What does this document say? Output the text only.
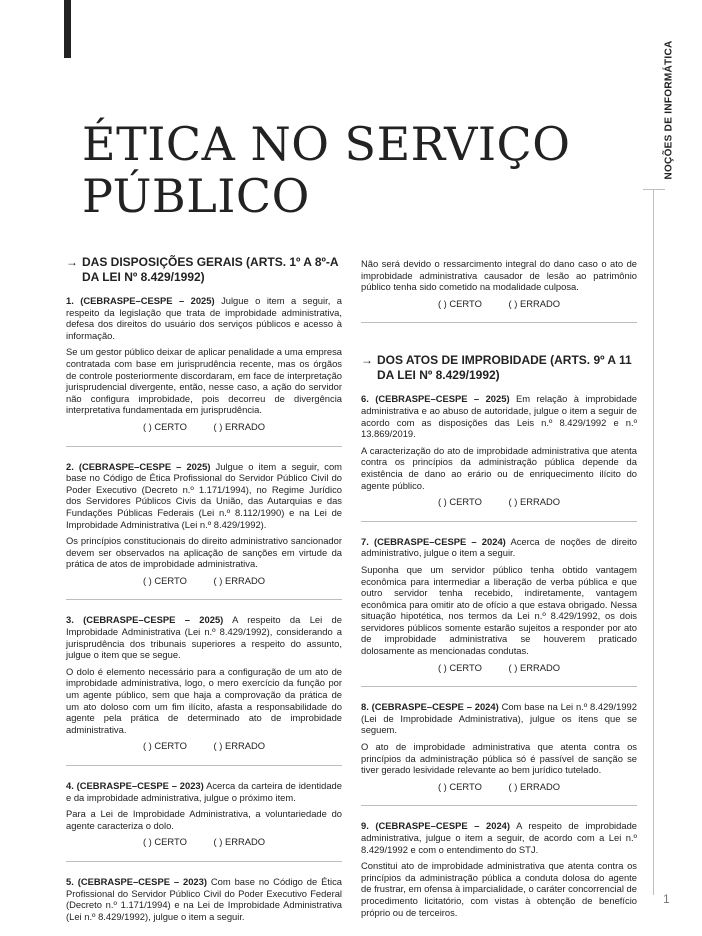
NOÇÕES DE INFORMÁTICA
1
ÉTICA NO SERVIÇO
PÚBLICO
→ DAS DISPOSIÇÕES GERAIS (ARTS. 1º A 8º-A DA LEI Nº 8.429/1992)

1. (CEBRASPE–CESPE – 2025) Julgue o item a seguir, a respeito da legislação que trata de improbidade administrativa, defesa dos direitos do usuário dos serviços públicos e acesso à informação.

Se um gestor público deixar de aplicar penalidade a uma empresa contratada com base em jurisprudência recente, mas os órgãos de controle posteriormente discordaram, em face de interpretação jurisprudencial divergente, então, nesse caso, a ação do servidor não configura improbidade, pois decorreu de divergência interpretativa fundamentada em jurisprudência.

( ) CERTO	( ) ERRADO

2. (CEBRASPE–CESPE – 2025) Julgue o item a seguir, com base no Código de Ética Profissional do Servidor Público Civil do Poder Executivo (Decreto n.º 1.171/1994), no Regime Jurídico dos Servidores Públicos Civis da União, das Autarquias e das Fundações Públicas Federais (Lei n.º 8.112/1990) e na Lei de Improbidade Administrativa (Lei n.º 8.429/1992).

Os princípios constitucionais do direito administrativo sancionador devem ser observados na aplicação de sanções em virtude da prática de atos de improbidade administrativa.

( ) CERTO	( ) ERRADO

3. (CEBRASPE–CESPE – 2025) A respeito da Lei de Improbidade Administrativa (Lei n.º 8.429/1992), considerando a jurisprudência dos tribunais superiores a respeito do assunto, julgue o item que se segue.

O dolo é elemento necessário para a configuração de um ato de improbidade administrativa, logo, o mero exercício da função por um agente público, sem que haja a comprovação da prática de um ato doloso com um fim ilícito, afasta a responsabilidade do agente pela prática de determinado ato de improbidade administrativa.

( ) CERTO	( ) ERRADO

4. (CEBRASPE–CESPE – 2023) Acerca da carteira de identidade e da improbidade administrativa, julgue o próximo item.

Para a Lei de Improbidade Administrativa, a voluntariedade do agente caracteriza o dolo.

( ) CERTO	( ) ERRADO

5. (CEBRASPE–CESPE – 2023) Com base no Código de Ética Profissional do Servidor Público Civil do Poder Executivo Federal (Decreto n.º 1.171/1994) e na Lei de Improbidade Administrativa (Lei n.º 8.429/1992), julgue o item a seguir.

Não será devido o ressarcimento integral do dano caso o ato de improbidade administrativa causador de lesão ao patrimônio público tenha sido cometido na modalidade culposa.

( ) CERTO	( ) ERRADO
→ DOS ATOS DE IMPROBIDADE (ARTS. 9º A 11 DA LEI Nº 8.429/1992)

6. (CEBRASPE–CESPE – 2025) Em relação à improbidade administrativa e ao abuso de autoridade, julgue o item a seguir de acordo com as disposições das Leis n.º 8.429/1992 e n.º 13.869/2019.

A caracterização do ato de improbidade administrativa que atenta contra os princípios da administração pública depende da existência de dano ao erário ou de enriquecimento ilícito do agente público.

( ) CERTO	( ) ERRADO

7. (CEBRASPE–CESPE – 2024) Acerca de noções de direito administrativo, julgue o item a seguir.

Suponha que um servidor público tenha obtido vantagem econômica para intermediar a liberação de verba pública e que outro servidor tenha recebido, indiretamente, vantagem econômica para omitir ato de ofício a que estava obrigado. Nessa situação hipotética, nos termos da Lei n.º 8.429/1992, os dois servidores públicos somente estarão sujeitos a responder por ato de improbidade administrativa se houverem praticado dolosamente as mencionadas condutas.

( ) CERTO	( ) ERRADO

8. (CEBRASPE–CESPE – 2024) Com base na Lei n.º 8.429/1992 (Lei de Improbidade Administrativa), julgue os itens que se seguem.

O ato de improbidade administrativa que atenta contra os princípios da administração pública só é passível de sanção se tiver gerado lesividade relevante ao bem jurídico tutelado.

( ) CERTO	( ) ERRADO

9. (CEBRASPE–CESPE – 2024) A respeito de improbidade administrativa, julgue o item a seguir, de acordo com a Lei n.º 8.429/1992 e com o entendimento do STJ.

Constitui ato de improbidade administrativa que atenta contra os princípios da administração pública a conduta dolosa do agente de frustrar, em ofensa à imparcialidade, o caráter concorrencial de procedimento licitatório, com vistas à obtenção de benefício próprio ou de terceiros.
